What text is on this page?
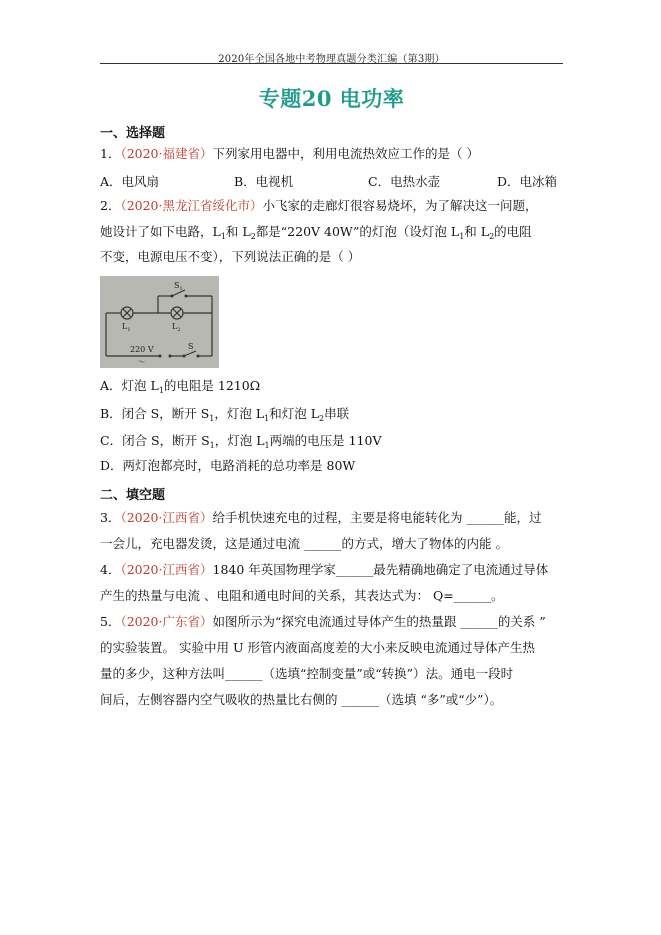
2020年全国各地中考物理真题分类汇编（第3期）
专题20 电功率
一、选择题
1．（2020·福建省）下列家用电器中，利用电流热效应工作的是（ ）
A．电风扇	B．电视机	C．电热水壶	D．电冰箱
2．（2020·黑龙江省绥化市）小飞家的走廊灯很容易烧坏，为了解决这一问题，
她设计了如下电路，$L_1$和 $L_2$都是“220V 40W”的灯泡（设灯泡 $L_1$和 $L_2$的电阻
不变，电源电压不变），下列说法正确的是（ ）
$S_1$
$L_1$	$L_2$
220 V
～
S
A．灯泡 $L_1$的电阻是 1210Ω
B．闭合 S，断开 $S_1$，灯泡 $L_1$和灯泡 $L_2$串联
C．闭合 S，断开 $S_1$，灯泡 $L_1$两端的电压是 110V
D．两灯泡都亮时，电路消耗的总功率是 80W
二、填空题
3．（2020·江西省）给手机快速充电的过程，主要是将电能转化为 ______能，过
一会儿，充电器发烫，这是通过电流 ______的方式，增大了物体的内能 。
4．（2020·江西省）1840 年英国物理学家______最先精确地确定了电流通过导体
产生的热量与电流 、电阻和通电时间的关系，其表达式为： Q=______。
5．（2020·广东省）如图所示为“探究电流通过导体产生的热量跟 ______的关系 ”
的实验装置。 实验中用 U 形管内液面高度差的大小来反映电流通过导体产生热
量的多少，这种方法叫______（选填“控制变量”或“转换”）法。通电一段时
间后，左侧容器内空气吸收的热量比右侧的 ______（选填 “多”或“少”）。
